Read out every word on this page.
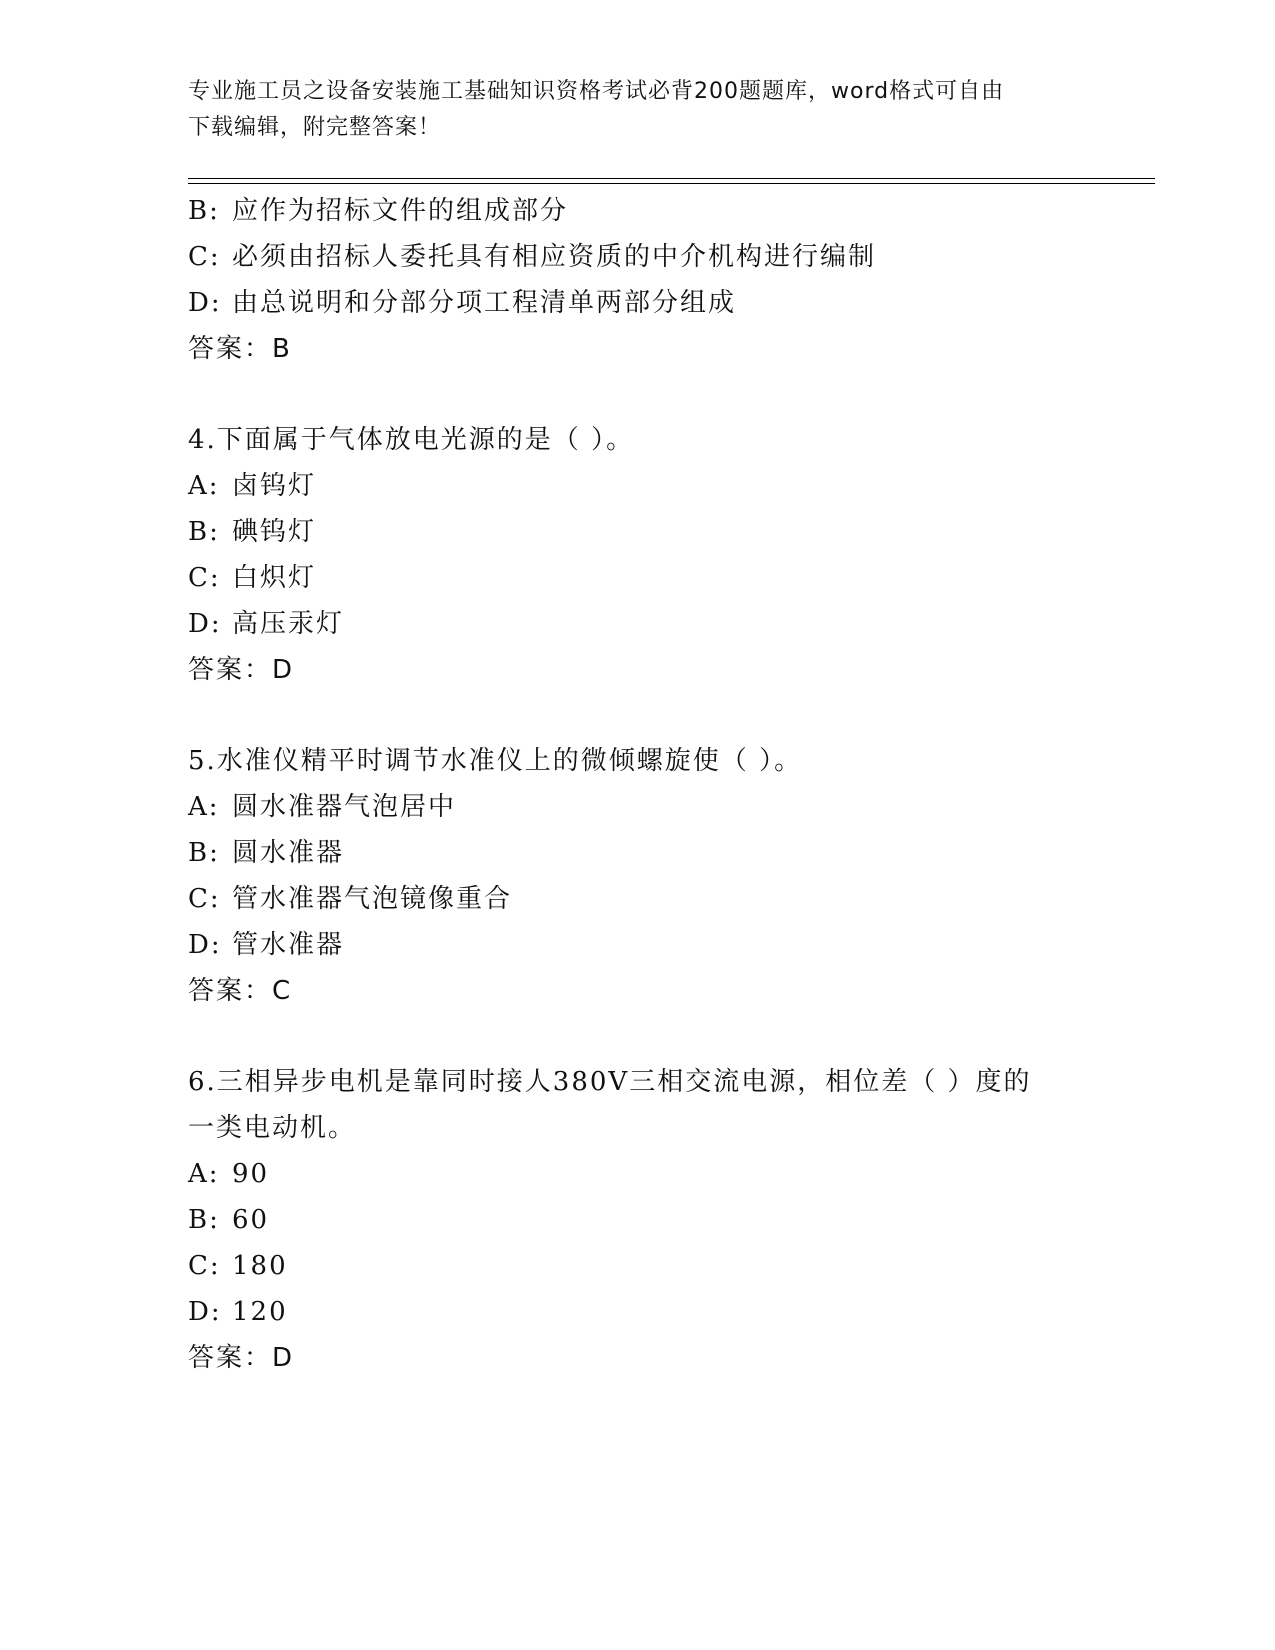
专业施工员之设备安装施工基础知识资格考试必背200题题库，word格式可自由
下载编辑，附完整答案！
B: 应作为招标文件的组成部分
C: 必须由招标人委托具有相应资质的中介机构进行编制
D: 由总说明和分部分项工程清单两部分组成
答案：B
4.下面属于气体放电光源的是（ ）。
A: 卤钨灯
B: 碘钨灯
C: 白炽灯
D: 高压汞灯
答案：D
5.水准仪精平时调节水准仪上的微倾螺旋使（ ）。
A: 圆水准器气泡居中
B: 圆水准器
C: 管水准器气泡镜像重合
D: 管水准器
答案：C
6.三相异步电机是靠同时接人380V三相交流电源，相位差（ ）度的
一类电动机。
A: 90
B: 60
C: 180
D: 120
答案：D
